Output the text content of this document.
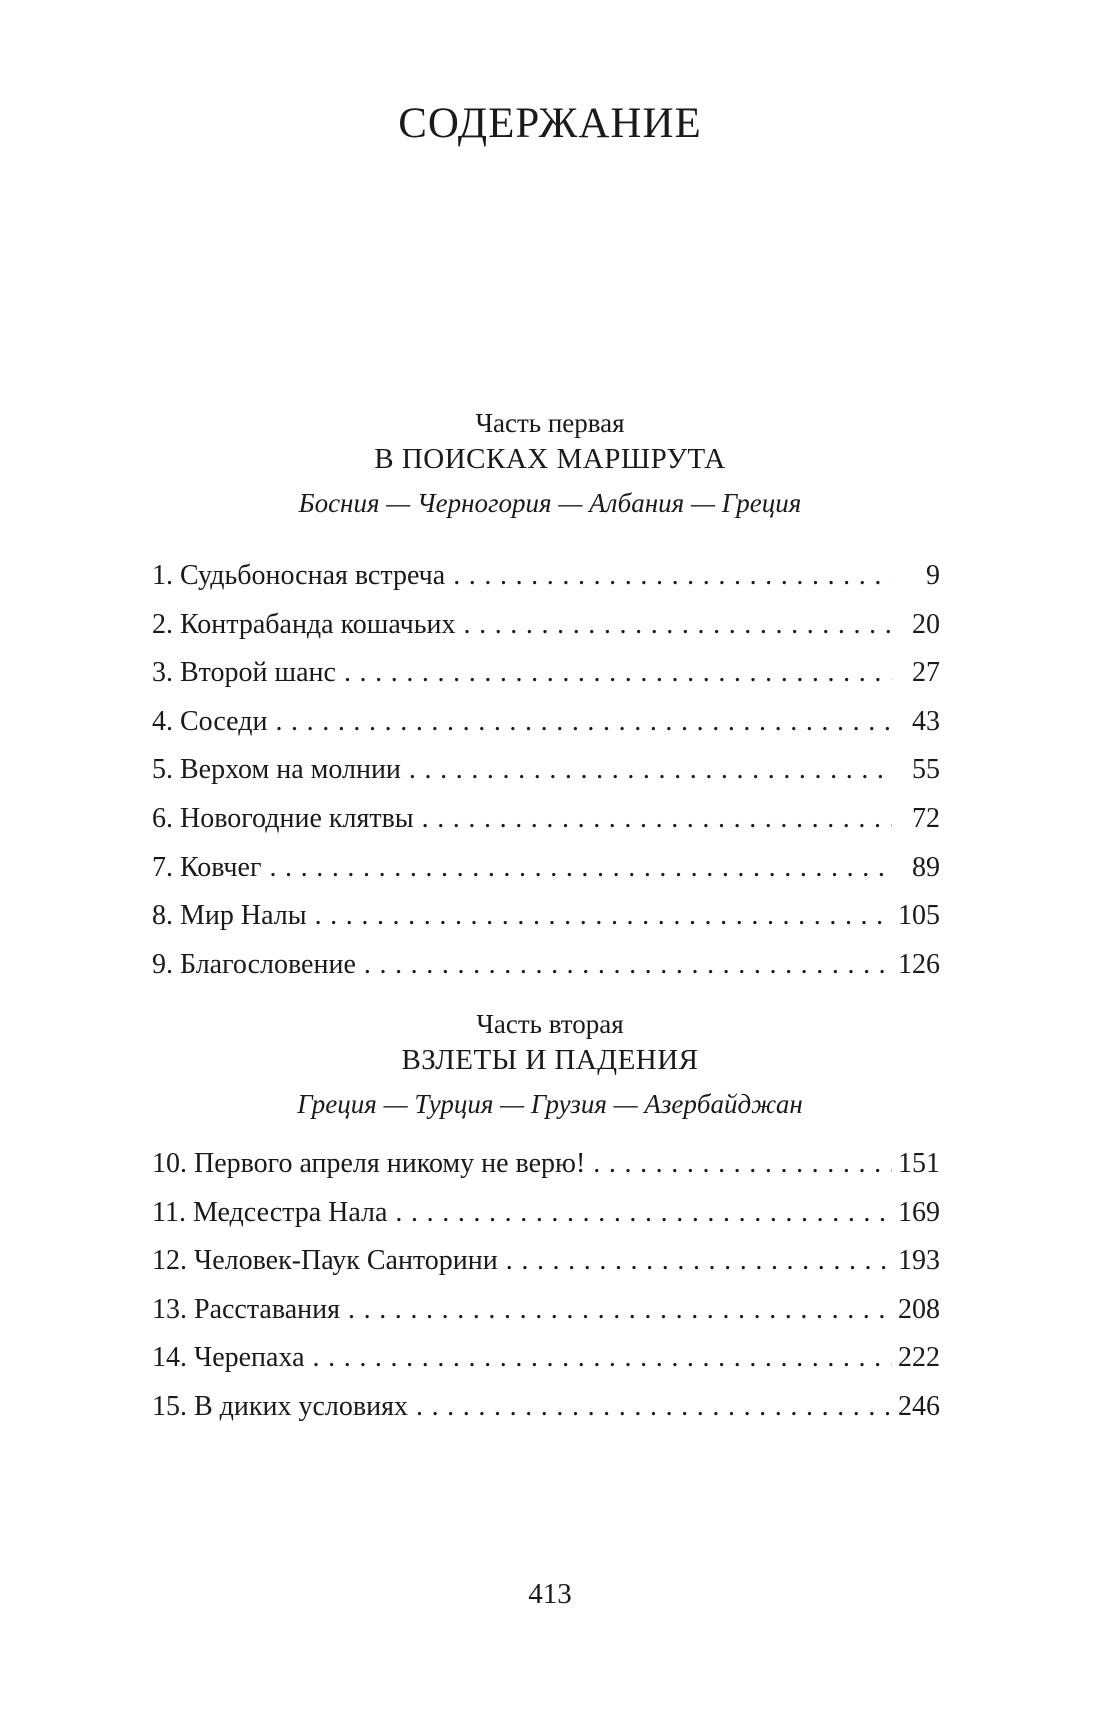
СОДЕРЖАНИЕ
Часть первая
В ПОИСКАХ МАРШРУТА
Босния — Черногория — Албания — Греция
1. Судьбоносная встреча . . .	9
2. Контрабанда кошачьих . . .	20
3. Второй шанс . . .	27
4. Соседи . . .	43
5. Верхом на молнии . . .	55
6. Новогодние клятвы . . .	72
7. Ковчег . . .	89
8. Мир Налы . . .	105
9. Благословение . . .	126
Часть вторая
ВЗЛЕТЫ И ПАДЕНИЯ
Греция — Турция — Грузия — Азербайджан
10. Первого апреля никому не верю! . . .	151
11. Медсестра Нала . . .	169
12. Человек-Паук Санторини . . .	193
13. Расставания . . .	208
14. Черепаха . . .	222
15. В диких условиях . . .	246
413
